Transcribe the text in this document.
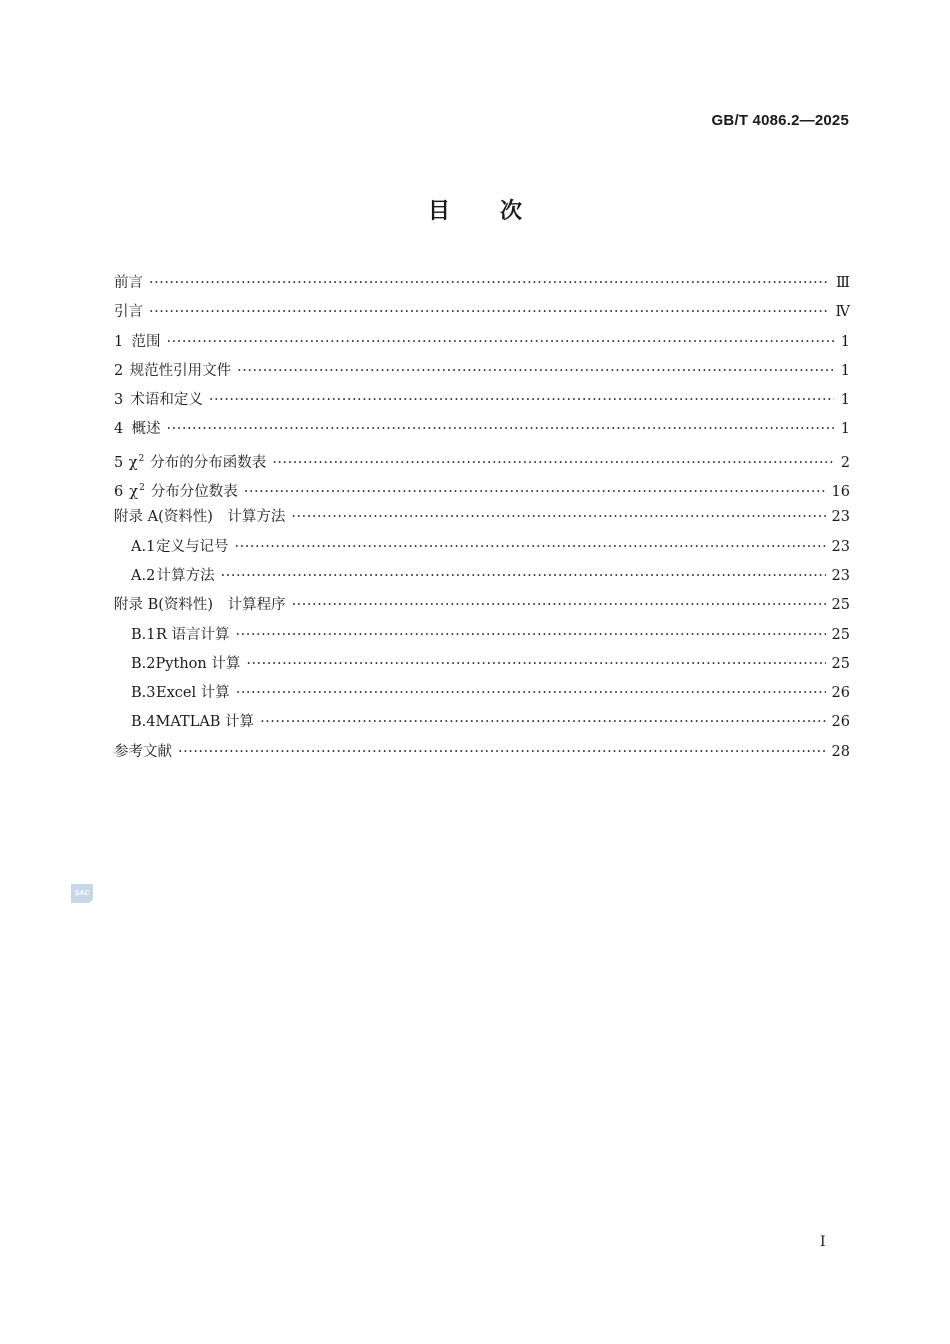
GB/T 4086.2—2025
目次
前言 ·····	Ⅲ
引言 ·····	Ⅳ
1 范围 ·····	1
2 规范性引用文件 ·····	1
3 术语和定义 ·····	1
4 概述 ·····	1
5 $\chi^2$ 分布的分布函数表 ·····	2
6 $\chi^2$ 分布分位数表 ·····	16
附录 A(资料性)　计算方法 ·····	23
A.1 定义与记号 ·····	23
A.2 计算方法 ·····	23
附录 B(资料性)　计算程序 ·····	25
B.1 R 语言计算 ·····	25
B.2 Python 计算 ·····	25
B.3 Excel 计算 ·····	26
B.4 MATLAB 计算 ·····	26
参考文献 ·····	28
SAC
I
